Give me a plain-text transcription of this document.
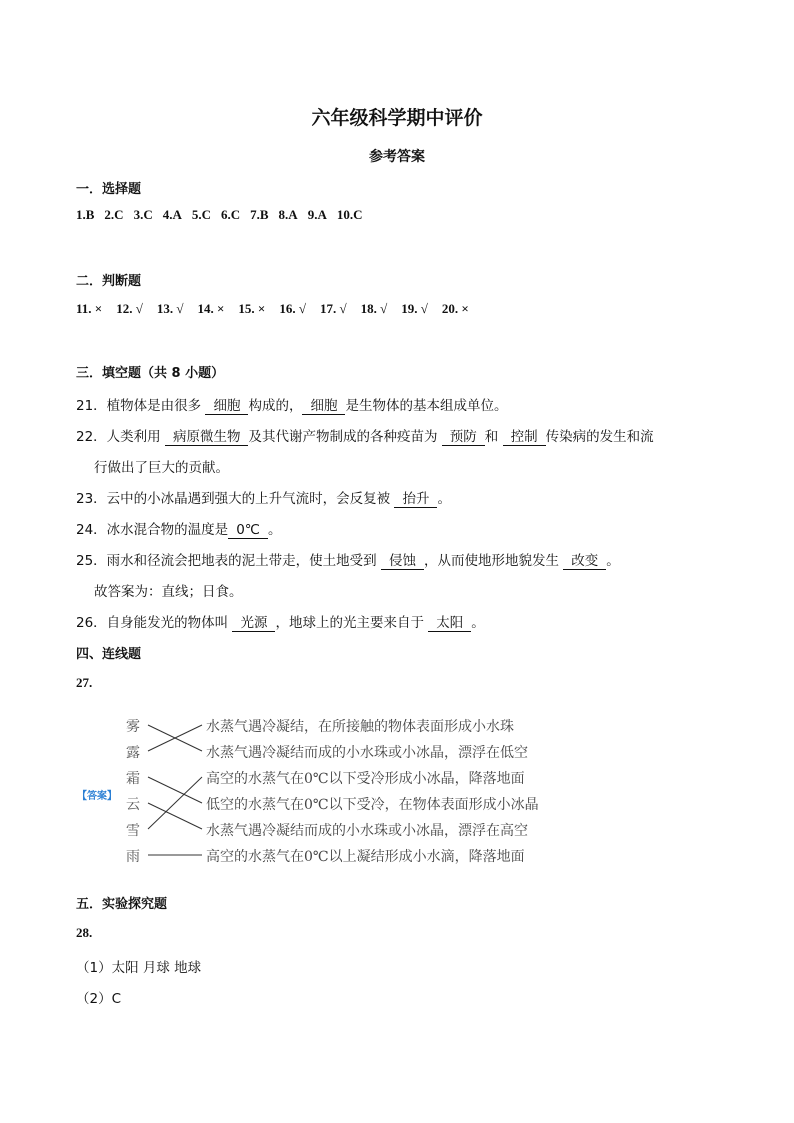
六年级科学期中评价
参考答案
一．选择题
1.B 2.C 3.C 4.A 5.C 6.C 7.B 8.A 9.A 10.C
二．判断题
11. × 12. √ 13. √ 14. × 15. × 16. √ 17. √ 18. √ 19. √ 20. ×
三．填空题（共 8 小题）
21．植物体是由很多 细胞 构成的， 细胞 是生物体的基本组成单位。
22．人类利用 病原微生物 及其代谢产物制成的各种疫苗为 预防 和 控制 传染病的发生和流
行做出了巨大的贡献。
23．云中的小冰晶遇到强大的上升气流时，会反复被 抬升 。
24．冰水混合物的温度是 0℃ 。
25．雨水和径流会把地表的泥土带走，使土地受到 侵蚀 ，从而使地形地貌发生 改变 。
故答案为：直线；日食。
26．自身能发光的物体叫 光源 ，地球上的光主要来自于 太阳 。
四、连线题
27.
【答案】
雾
露
霜
云
雪
雨
水蒸气遇冷凝结，在所接触的物体表面形成小水珠
水蒸气遇冷凝结而成的小水珠或小冰晶，漂浮在低空
高空的水蒸气在0℃以下受冷形成小冰晶，降落地面
低空的水蒸气在0℃以下受冷，在物体表面形成小冰晶
水蒸气遇冷凝结而成的小水珠或小冰晶，漂浮在高空
高空的水蒸气在0℃以上凝结形成小水滴，降落地面
五．实验探究题
28.
（1）太阳 月球 地球
（2）C
